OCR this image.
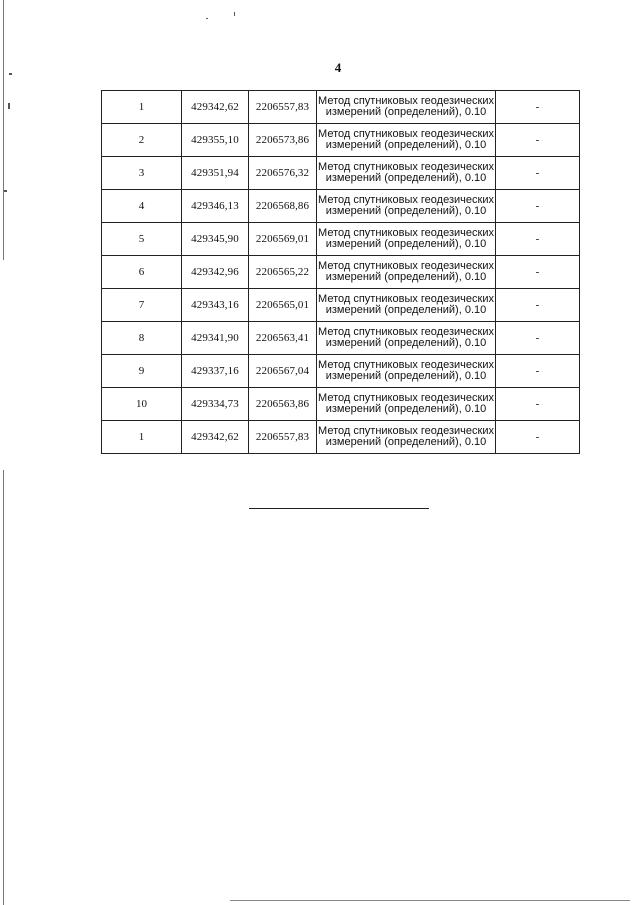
4
1	429342,62	2206557,83	Метод спутниковых геодезических
измерений (определений), 0.10	-
2	429355,10	2206573,86	Метод спутниковых геодезических
измерений (определений), 0.10	-
3	429351,94	2206576,32	Метод спутниковых геодезических
измерений (определений), 0.10	-
4	429346,13	2206568,86	Метод спутниковых геодезических
измерений (определений), 0.10	-
5	429345,90	2206569,01	Метод спутниковых геодезических
измерений (определений), 0.10	-
6	429342,96	2206565,22	Метод спутниковых геодезических
измерений (определений), 0.10	-
7	429343,16	2206565,01	Метод спутниковых геодезических
измерений (определений), 0.10	-
8	429341,90	2206563,41	Метод спутниковых геодезических
измерений (определений), 0.10	-
9	429337,16	2206567,04	Метод спутниковых геодезических
измерений (определений), 0.10	-
10	429334,73	2206563,86	Метод спутниковых геодезических
измерений (определений), 0.10	-
1	429342,62	2206557,83	Метод спутниковых геодезических
измерений (определений), 0.10	-
